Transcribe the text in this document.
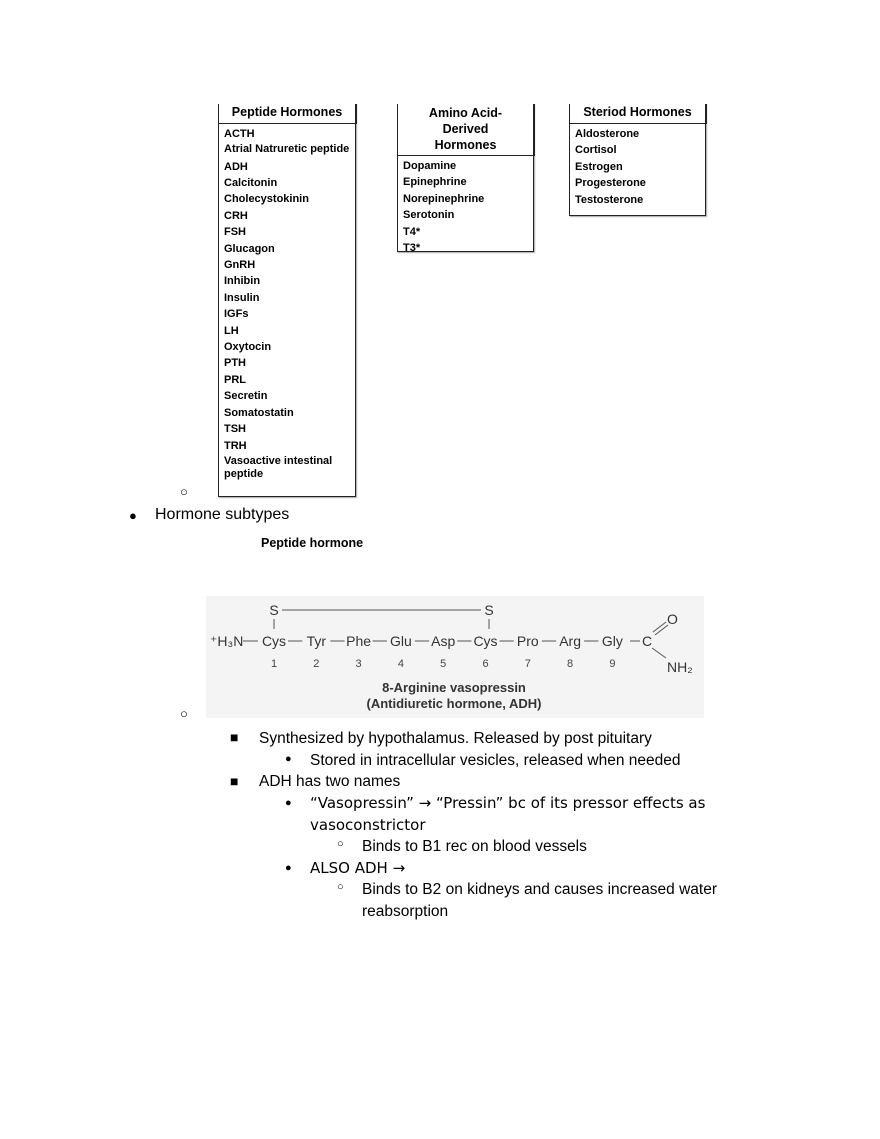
Peptide Hormones
ACTH
Atrial Natruretic peptide
ADH
Calcitonin
Cholecystokinin
CRH
FSH
Glucagon
GnRH
Inhibin
Insulin
IGFs
LH
Oxytocin
PTH
PRL
Secretin
Somatostatin
TSH
TRH
Vasoactive intestinal peptide
Amino Acid-Derived Hormones
Dopamine
Epinephrine
Norepinephrine
Serotonin
T4*
T3*
Steriod Hormones
Aldosterone
Cortisol
Estrogen
Progesterone
Testosterone
○
● Hormone subtypes
Peptide hormone
S	S
⁺H₃N Cys
1
Tyr
2
Phe
3
Glu
4
Asp
5
Cys
6
Pro
7
Arg
8
Gly
9
C
O
NH₂
8-Arginine vasopressin
(Antidiuretic hormone, ADH)
○
■ Synthesized by hypothalamus. Released by post pituitary
● Stored in intracellular vesicles, released when needed
■ ADH has two names
● “Vasopressin” → “Pressin” bc of its pressor effects as
vasoconstrictor
○ Binds to B1 rec on blood vessels
● ALSO ADH →
○ Binds to B2 on kidneys and causes increased water
reabsorption
